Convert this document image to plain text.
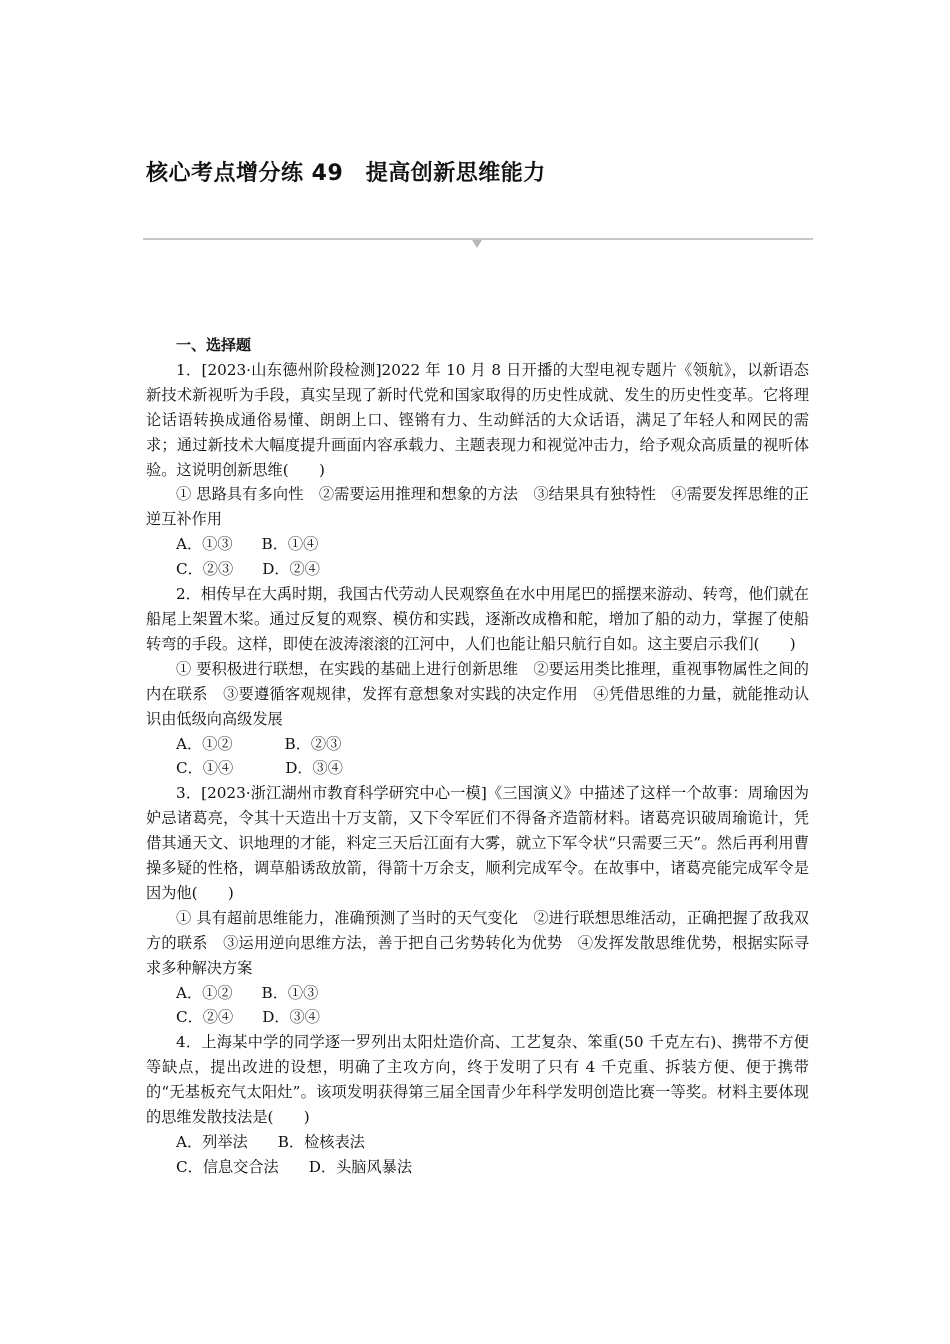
核心考点增分练 49　提高创新思维能力
一、选择题

1．[2023·山东德州阶段检测]2022 年 10 月 8 日开播的大型电视专题片《领航》，以新语态新技术新视听为手段，真实呈现了新时代党和国家取得的历史性成就、发生的历史性变革。它将理论话语转换成通俗易懂、朗朗上口、铿锵有力、生动鲜活的大众话语，满足了年轻人和网民的需求；通过新技术大幅度提升画面内容承载力、主题表现力和视觉冲击力，给予观众高质量的视听体验。这说明创新思维(　　)

① 思路具有多向性　②需要运用推理和想象的方法　③结果具有独特性　④需要发挥思维的正逆互补作用

A．①③ B．①④

C．②③ D．②④

2．相传早在大禹时期，我国古代劳动人民观察鱼在水中用尾巴的摇摆来游动、转弯，他们就在船尾上架置木桨。通过反复的观察、模仿和实践，逐渐改成橹和舵，增加了船的动力，掌握了使船转弯的手段。这样，即使在波涛滚滚的江河中，人们也能让船只航行自如。这主要启示我们(　　)

① 要积极进行联想，在实践的基础上进行创新思维　②要运用类比推理，重视事物属性之间的内在联系　③要遵循客观规律，发挥有意想象对实践的决定作用　④凭借思维的力量，就能推动认识由低级向高级发展

A．①②	B．②③

C．①④	D．③④

3．[2023·浙江湖州市教育科学研究中心一模]《三国演义》中描述了这样一个故事：周瑜因为妒忌诸葛亮，令其十天造出十万支箭，又下令军匠们不得备齐造箭材料。诸葛亮识破周瑜诡计，凭借其通天文、识地理的才能，料定三天后江面有大雾，就立下军令状“只需要三天”。然后再利用曹操多疑的性格，调草船诱敌放箭，得箭十万余支，顺利完成军令。在故事中，诸葛亮能完成军令是因为他(　　)

① 具有超前思维能力，准确预测了当时的天气变化　②进行联想思维活动，正确把握了敌我双方的联系　③运用逆向思维方法，善于把自己劣势转化为优势　④发挥发散思维优势，根据实际寻求多种解决方案

A．①② B．①③

C．②④ D．③④

4．上海某中学的同学逐一罗列出太阳灶造价高、工艺复杂、笨重(50 千克左右)、携带不方便等缺点，提出改进的设想，明确了主攻方向，终于发明了只有 4 千克重、拆装方便、便于携带的“无基板充气太阳灶”。该项发明获得第三届全国青少年科学发明创造比赛一等奖。材料主要体现的思维发散技法是(　　)

A．列举法 B．检核表法

C．信息交合法 D．头脑风暴法
